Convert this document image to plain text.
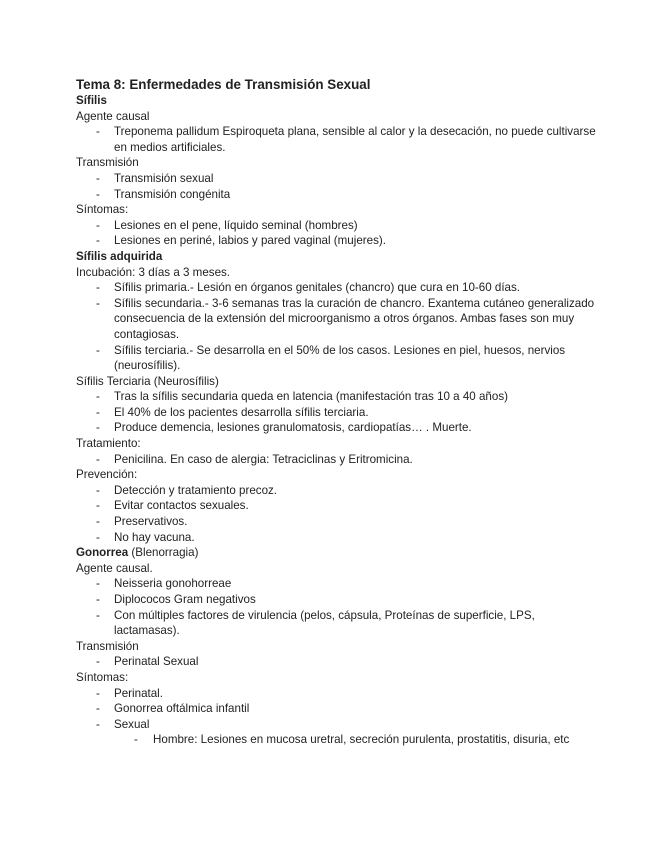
Tema 8: Enfermedades de Transmisión Sexual
Sífilis
Agente causal
- Treponema pallidum Espiroqueta plana, sensible al calor y la desecación, no puede cultivarse en medios artificiales.
Transmisión
- Transmisión sexual
- Transmisión congénita
Síntomas:
- Lesiones en el pene, líquido seminal (hombres)
- Lesiones en periné, labios y pared vaginal (mujeres).
Sífilis adquirida
Incubación: 3 días a 3 meses.
- Sífilis primaria.- Lesión en órganos genitales (chancro) que cura en 10-60 días.
- Sífilis secundaria.- 3-6 semanas tras la curación de chancro. Exantema cutáneo generalizado consecuencia de la extensión del microorganismo a otros órganos. Ambas fases son muy contagiosas.
- Sífilis terciaria.- Se desarrolla en el 50% de los casos. Lesiones en piel, huesos, nervios (neurosífilis).
Sífilis Terciaria (Neurosífilis)
- Tras la sífilis secundaria queda en latencia (manifestación tras 10 a 40 años)
- El 40% de los pacientes desarrolla sífilis terciaria.
- Produce demencia, lesiones granulomatosis, cardiopatías… . Muerte.
Tratamiento:
- Penicilina. En caso de alergia: Tetraciclinas y Eritromicina.
Prevención:
- Detección y tratamiento precoz.
- Evitar contactos sexuales.
- Preservativos.
- No hay vacuna.
Gonorrea (Blenorragia)
Agente causal.
- Neisseria gonohorreae
- Diplococos Gram negativos
- Con múltiples factores de virulencia (pelos, cápsula, Proteínas de superficie, LPS, lactamasas).
Transmisión
- Perinatal Sexual
Síntomas:
- Perinatal.
- Gonorrea oftálmica infantil
- Sexual
- Hombre: Lesiones en mucosa uretral, secreción purulenta, prostatitis, disuria, etc
